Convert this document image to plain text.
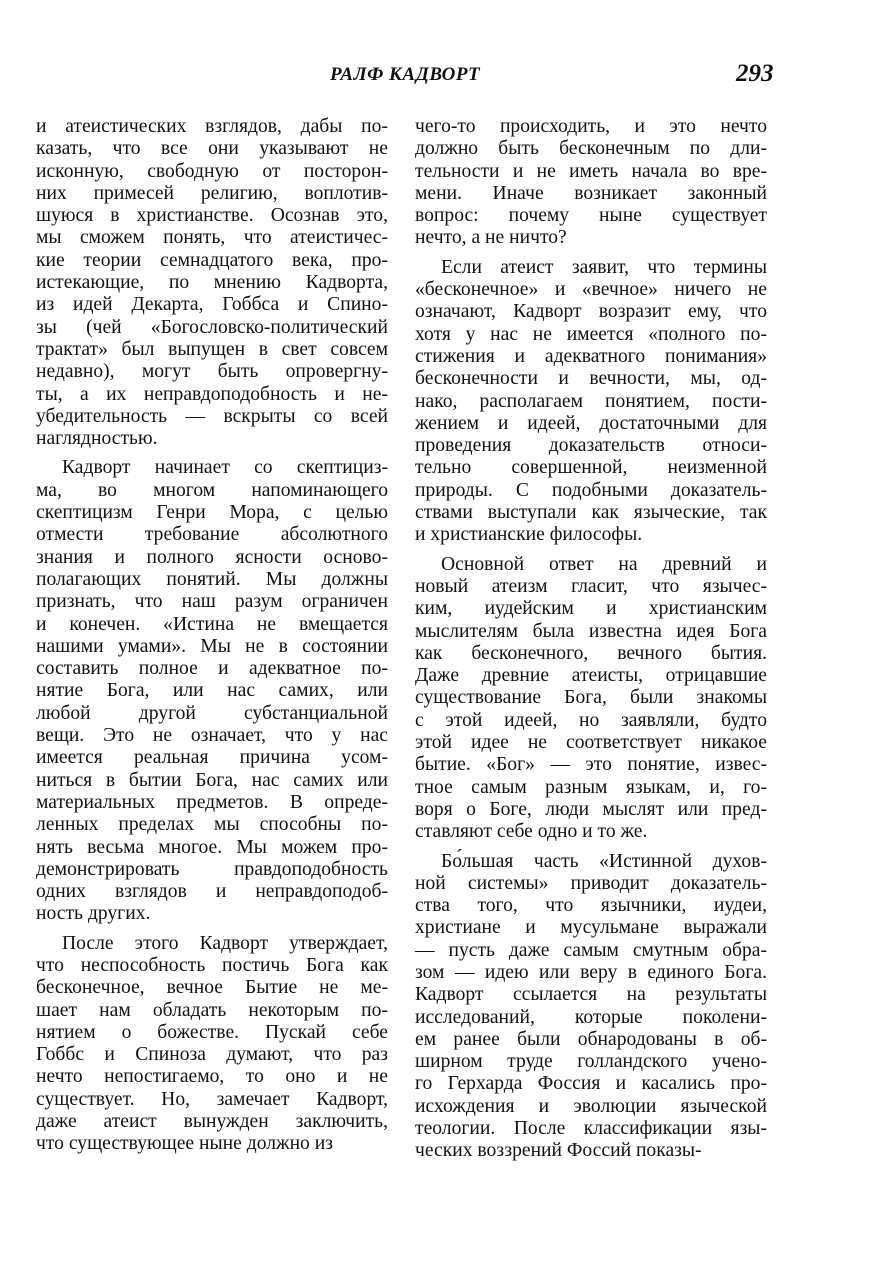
РАЛФ КАДВОРТ	293
и атеистических взглядов, дабы по-
казать, что все они указывают не
исконную, свободную от посторон-
них примесей религию, воплотив-
шуюся в христианстве. Осознав это,
мы сможем понять, что атеистичес-
кие теории семнадцатого века, про-
истекающие, по мнению Кадворта,
из идей Декарта, Гоббса и Спино-
зы (чей «Богословско-политический
трактат» был выпущен в свет совсем
недавно), могут быть опровергну-
ты, а их неправдоподобность и не-
убедительность — вскрыты со всей
наглядностью.
Кадворт начинает со скептициз-
ма, во многом напоминающего
скептицизм Генри Мора, с целью
отмести требование абсолютного
знания и полного ясности осново-
полагающих понятий. Мы должны
признать, что наш разум ограничен
и конечен. «Истина не вмещается
нашими умами». Мы не в состоянии
составить полное и адекватное по-
нятие Бога, или нас самих, или
любой другой субстанциальной
вещи. Это не означает, что у нас
имеется реальная причина усом-
ниться в бытии Бога, нас самих или
материальных предметов. В опреде-
ленных пределах мы способны по-
нять весьма многое. Мы можем про-
демонстрировать правдоподобность
одних взглядов и неправдоподоб-
ность других.
После этого Кадворт утверждает,
что неспособность постичь Бога как
бесконечное, вечное Бытие не ме-
шает нам обладать некоторым по-
нятием о божестве. Пускай себе
Гоббс и Спиноза думают, что раз
нечто непостигаемо, то оно и не
существует. Но, замечает Кадворт,
даже атеист вынужден заключить,
что существующее ныне должно из
чего-то происходить, и это нечто
должно быть бесконечным по дли-
тельности и не иметь начала во вре-
мени. Иначе возникает законный
вопрос: почему ныне существует
нечто, а не ничто?
Если атеист заявит, что термины
«бесконечное» и «вечное» ничего не
означают, Кадворт возразит ему, что
хотя у нас не имеется «полного по-
стижения и адекватного понимания»
бесконечности и вечности, мы, од-
нако, располагаем понятием, пости-
жением и идеей, достаточными для
проведения доказательств относи-
тельно совершенной, неизменной
природы. С подобными доказатель-
ствами выступали как языческие, так
и христианские философы.
Основной ответ на древний и
новый атеизм гласит, что язычес-
ким, иудейским и христианским
мыслителям была известна идея Бога
как бесконечного, вечного бытия.
Даже древние атеисты, отрицавшие
существование Бога, были знакомы
с этой идеей, но заявляли, будто
этой идее не соответствует никакое
бытие. «Бог» — это понятие, извес-
тное самым разным языкам, и, го-
воря о Боге, люди мыслят или пред-
ставляют себе одно и то же.
Бо́льшая часть «Истинной духов-
ной системы» приводит доказатель-
ства того, что язычники, иудеи,
христиане и мусульмане выражали
— пусть даже самым смутным обра-
зом — идею или веру в единого Бога.
Кадворт ссылается на результаты
исследований, которые поколени-
ем ранее были обнародованы в об-
ширном труде голландского учено-
го Герхарда Фоссия и касались про-
исхождения и эволюции языческой
теологии. После классификации язы-
ческих воззрений Фоссий показы-
